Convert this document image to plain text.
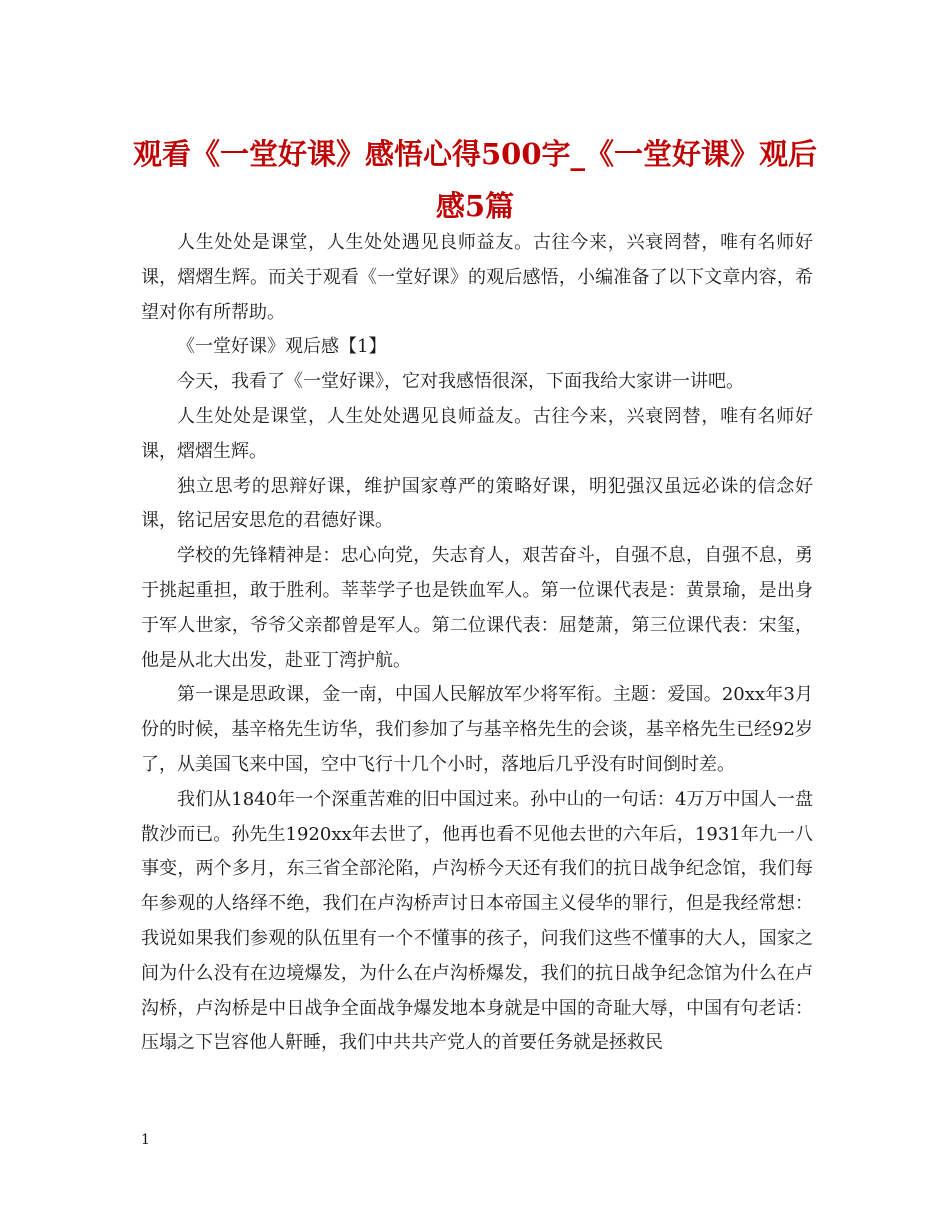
观看《一堂好课》感悟心得500字_《一堂好课》观后感5篇

人生处处是课堂，人生处处遇见良师益友。古往今来，兴衰罔替，唯有名师好课，熠熠生辉。而关于观看《一堂好课》的观后感悟，小编准备了以下文章内容，希望对你有所帮助。

《一堂好课》观后感【1】

今天，我看了《一堂好课》，它对我感悟很深，下面我给大家讲一讲吧。

人生处处是课堂，人生处处遇见良师益友。古往今来，兴衰罔替，唯有名师好课，熠熠生辉。

独立思考的思辩好课，维护国家尊严的策略好课，明犯强汉虽远必诛的信念好课，铭记居安思危的君德好课。

学校的先锋精神是：忠心向党，失志育人，艰苦奋斗，自强不息，自强不息，勇于挑起重担，敢于胜利。莘莘学子也是铁血军人。第一位课代表是：黄景瑜，是出身于军人世家，爷爷父亲都曾是军人。第二位课代表：屈楚萧，第三位课代表：宋玺，他是从北大出发，赴亚丁湾护航。

第一课是思政课，金一南，中国人民解放军少将军衔。主题：爱国。20xx年3月份的时候，基辛格先生访华，我们参加了与基辛格先生的会谈，基辛格先生已经92岁了，从美国飞来中国，空中飞行十几个小时，落地后几乎没有时间倒时差。

我们从1840年一个深重苦难的旧中国过来。孙中山的一句话：4万万中国人一盘散沙而已。孙先生1920xx年去世了，他再也看不见他去世的六年后，1931年九一八事变，两个多月，东三省全部沦陷，卢沟桥今天还有我们的抗日战争纪念馆，我们每年参观的人络绎不绝，我们在卢沟桥声讨日本帝国主义侵华的罪行，但是我经常想：我说如果我们参观的队伍里有一个不懂事的孩子，问我们这些不懂事的大人，国家之间为什么没有在边境爆发，为什么在卢沟桥爆发，我们的抗日战争纪念馆为什么在卢沟桥，卢沟桥是中日战争全面战争爆发地本身就是中国的奇耻大辱，中国有句老话：压塌之下岂容他人鼾睡，我们中共共产党人的首要任务就是拯救民

1
